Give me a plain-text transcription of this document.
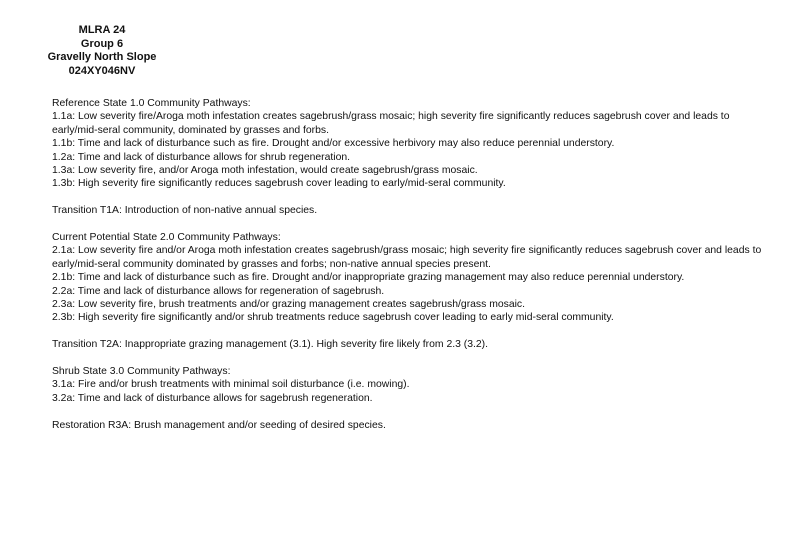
MLRA 24
Group 6
Gravelly North Slope
024XY046NV
Reference State 1.0 Community Pathways:
1.1a: Low severity fire/Aroga moth infestation creates sagebrush/grass mosaic; high severity fire significantly reduces sagebrush cover and leads to early/mid-seral community, dominated by grasses and forbs.
1.1b: Time and lack of disturbance such as fire. Drought and/or excessive herbivory may also reduce perennial understory.
1.2a: Time and lack of disturbance allows for shrub regeneration.
1.3a: Low severity fire, and/or Aroga moth infestation, would create sagebrush/grass mosaic.
1.3b: High severity fire significantly reduces sagebrush cover leading to early/mid-seral community.
Transition T1A: Introduction of non-native annual species.
Current Potential State 2.0 Community Pathways:
2.1a: Low severity fire and/or Aroga moth infestation creates sagebrush/grass mosaic; high severity fire significantly reduces sagebrush cover and leads to early/mid-seral community dominated by grasses and forbs; non-native annual species present.
2.1b: Time and lack of disturbance such as fire. Drought and/or inappropriate grazing management may also reduce perennial understory.
2.2a: Time and lack of disturbance allows for regeneration of sagebrush.
2.3a: Low severity fire, brush treatments and/or grazing management creates sagebrush/grass mosaic.
2.3b: High severity fire significantly and/or shrub treatments reduce sagebrush cover leading to early mid-seral community.
Transition T2A: Inappropriate grazing management (3.1). High severity fire likely from 2.3 (3.2).
Shrub State 3.0 Community Pathways:
3.1a: Fire and/or brush treatments with minimal soil disturbance (i.e. mowing).
3.2a: Time and lack of disturbance allows for sagebrush regeneration.
Restoration R3A: Brush management and/or seeding of desired species.
